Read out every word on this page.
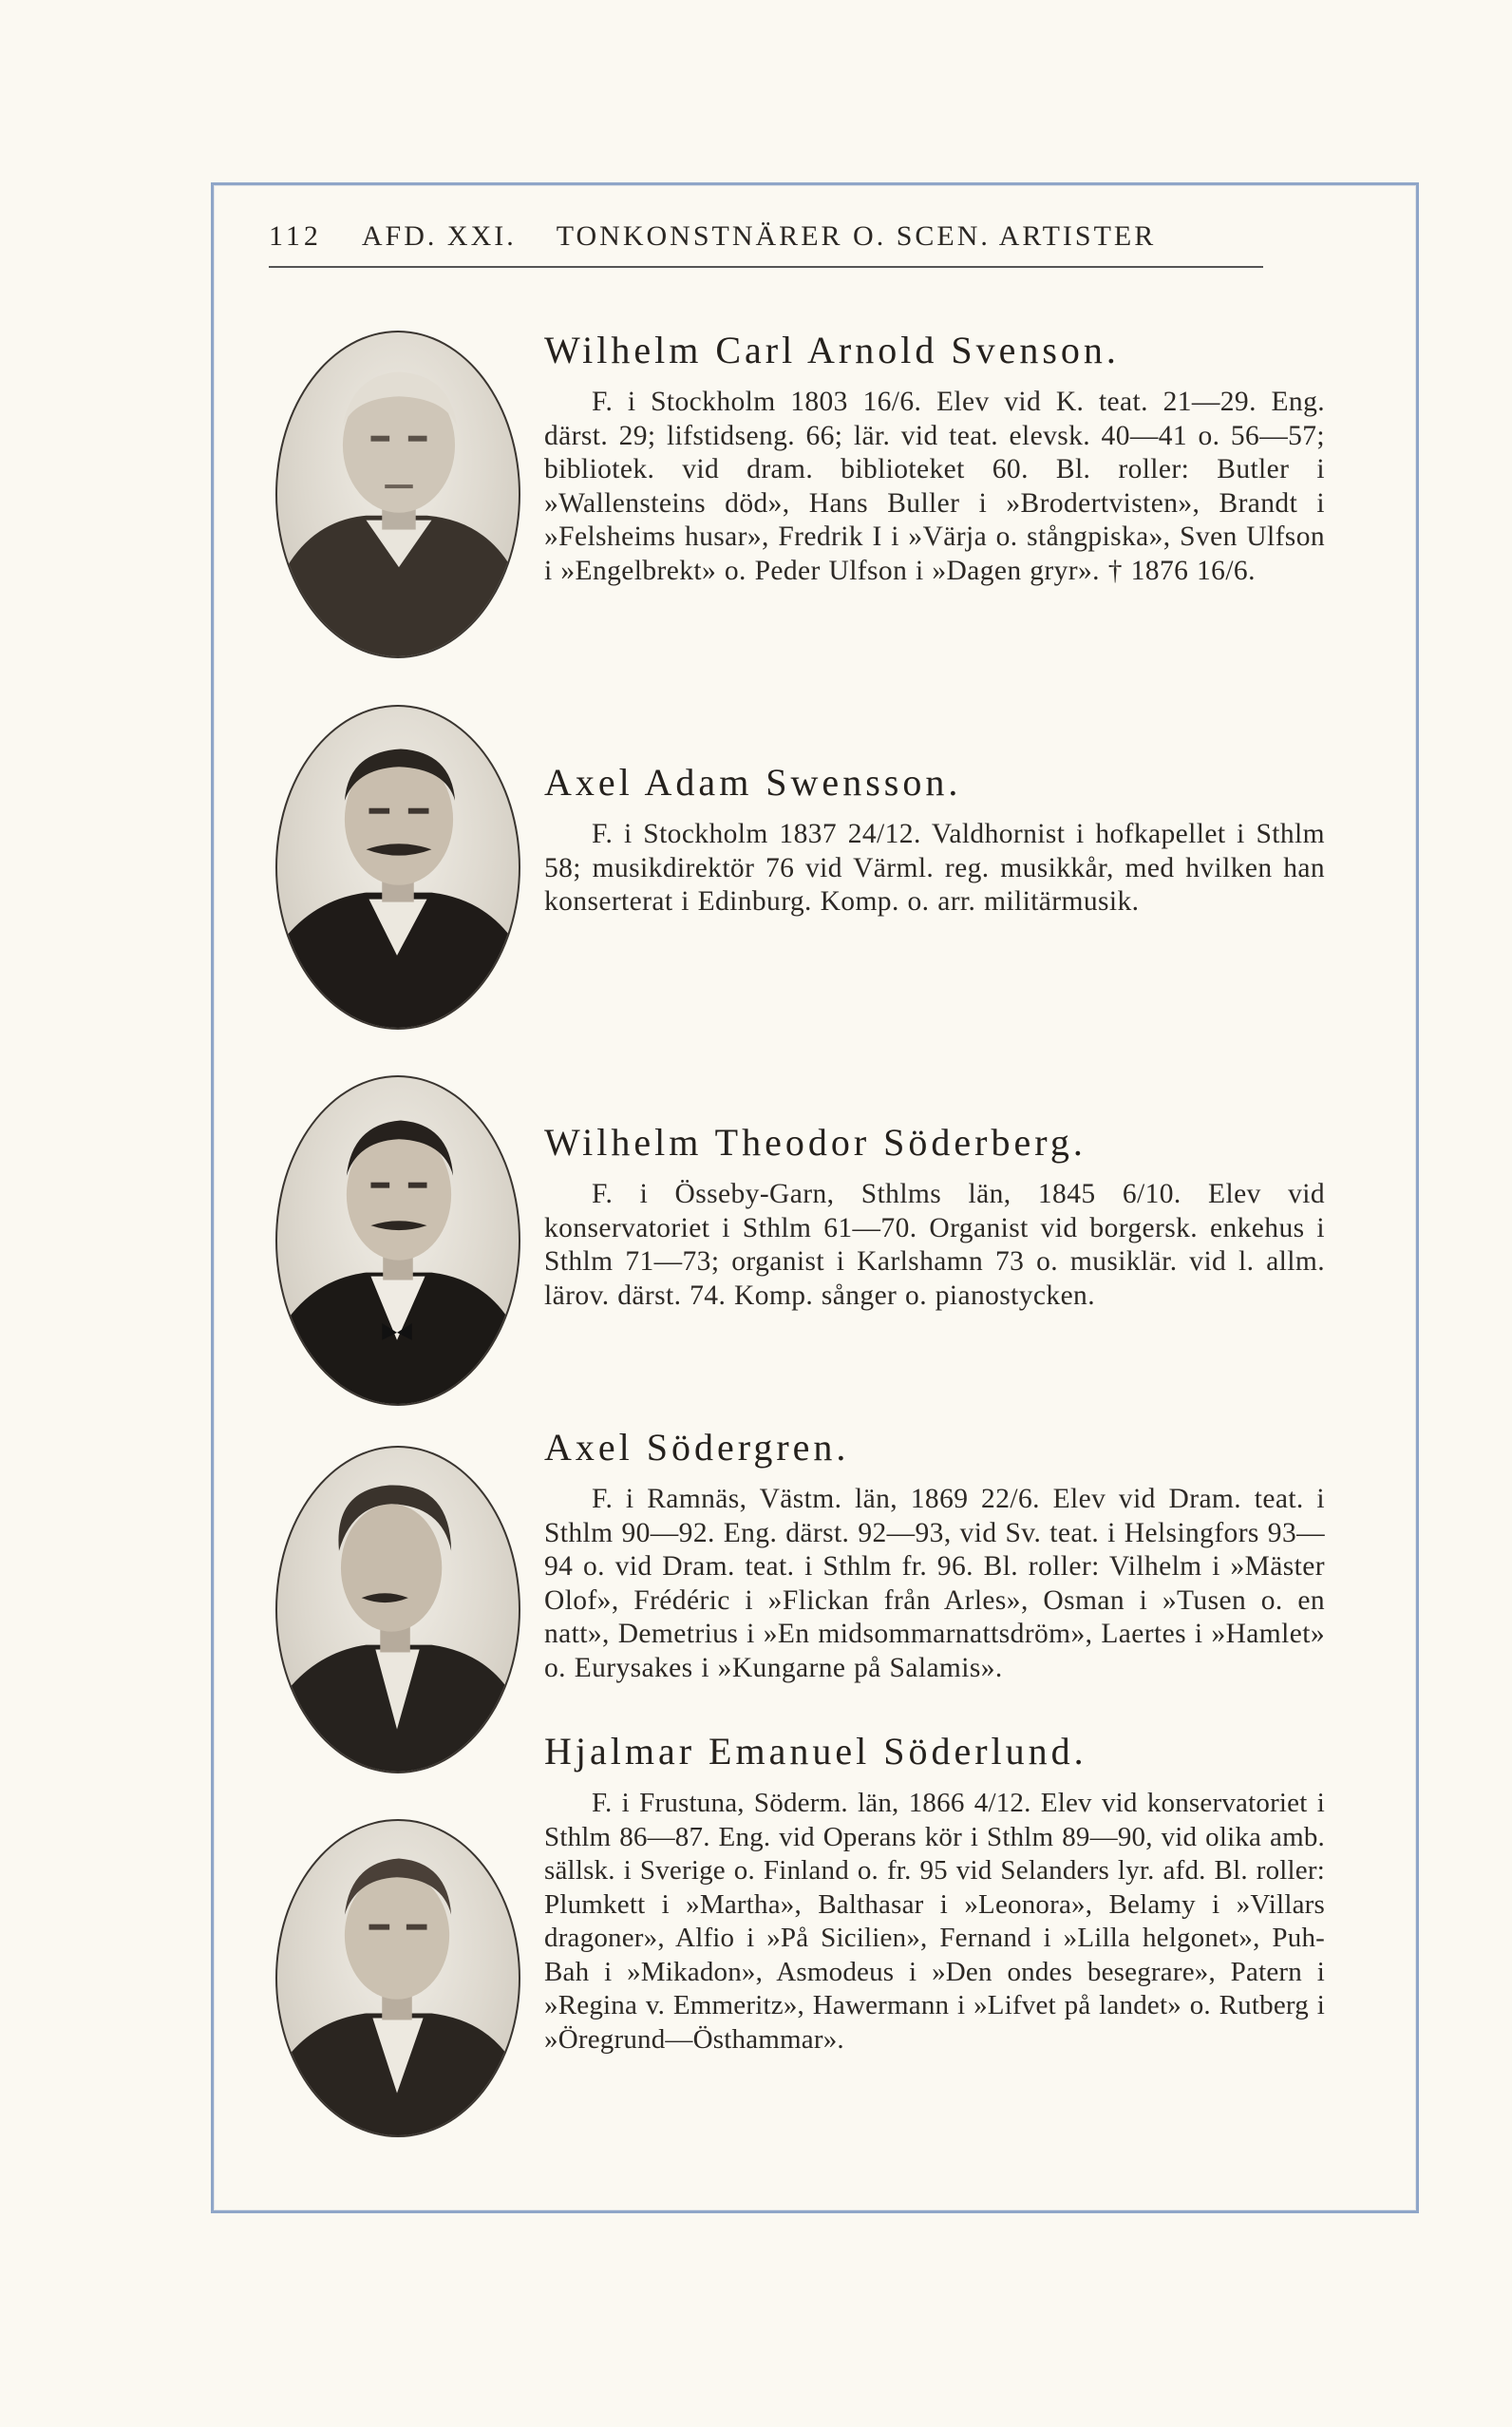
112 AFD. XXI. TONKONSTNÄRER O. SCEN. ARTISTER
Wilhelm Carl Arnold Svenson.

F. i Stockholm 1803 16/6. Elev vid K. teat. 21—29. Eng. därst. 29; lifstidseng. 66; lär. vid teat. elevsk. 40—41 o. 56—57; bibliotek. vid dram. biblioteket 60. Bl. roller: Butler i »Wallensteins död», Hans Buller i »Brodertvisten», Brandt i »Felsheims husar», Fredrik I i »Värja o. stångpiska», Sven Ulfson i »Engelbrekt» o. Peder Ulfson i »Dagen gryr». † 1876 16/6.

Axel Adam Swensson.

F. i Stockholm 1837 24/12. Valdhornist i hofkapellet i Sthlm 58; musikdirektör 76 vid Värml. reg. musikkår, med hvilken han konserterat i Edinburg. Komp. o. arr. militärmusik.

Wilhelm Theodor Söderberg.

F. i Össeby-Garn, Sthlms län, 1845 6/10. Elev vid konservatoriet i Sthlm 61—70. Organist vid borgersk. enkehus i Sthlm 71—73; organist i Karlshamn 73 o. musiklär. vid l. allm. lärov. därst. 74. Komp. sånger o. pianostycken.

Axel Södergren.

F. i Ramnäs, Västm. län, 1869 22/6. Elev vid Dram. teat. i Sthlm 90—92. Eng. därst. 92—93, vid Sv. teat. i Helsingfors 93—94 o. vid Dram. teat. i Sthlm fr. 96. Bl. roller: Vilhelm i »Mäster Olof», Frédéric i »Flickan från Arles», Osman i »Tusen o. en natt», Demetrius i »En midsommarnattsdröm», Laertes i »Hamlet» o. Eurysakes i »Kungarne på Salamis».

Hjalmar Emanuel Söderlund.

F. i Frustuna, Söderm. län, 1866 4/12. Elev vid konservatoriet i Sthlm 86—87. Eng. vid Operans kör i Sthlm 89—90, vid olika amb. sällsk. i Sverige o. Finland o. fr. 95 vid Selanders lyr. afd. Bl. roller: Plumkett i »Martha», Balthasar i »Leonora», Belamy i »Villars dragoner», Alfio i »På Sicilien», Fernand i »Lilla helgonet», Puh-Bah i »Mikadon», Asmodeus i »Den ondes besegrare», Patern i »Regina v. Emmeritz», Hawermann i »Lifvet på landet» o. Rutberg i »Öregrund—Östhammar».
